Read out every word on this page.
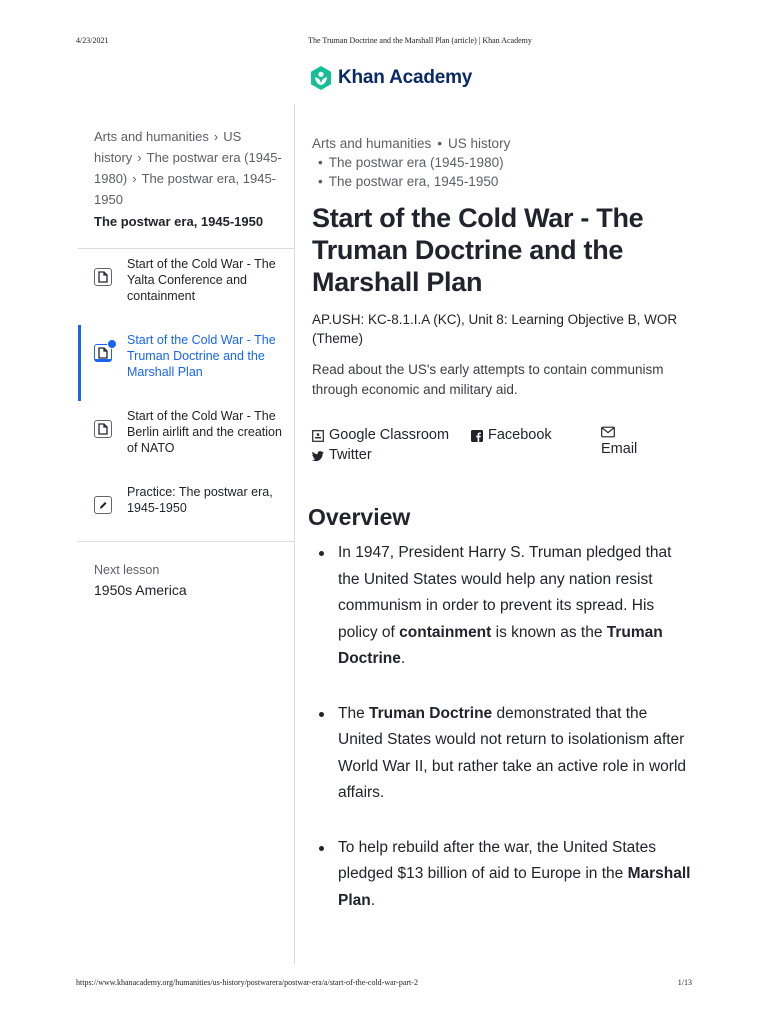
4/23/2021	The Truman Doctrine and the Marshall Plan (article) | Khan Academy
Khan Academy
Arts and humanities › US history › The postwar era (1945-1980) › The postwar era, 1945-1950
The postwar era, 1945-1950
Start of the Cold War - The Yalta Conference and containment
Start of the Cold War - The Truman Doctrine and the Marshall Plan
Start of the Cold War - The Berlin airlift and the creation of NATO
Practice: The postwar era, 1945-1950
Next lesson
1950s America
Arts and humanities • US history
• The postwar era (1945-1980)
• The postwar era, 1945-1950
Start of the Cold War - The Truman Doctrine and the Marshall Plan
AP.USH: KC‑8.1.I.A (KC), Unit 8: Learning Objective B, WOR (Theme)

Read about the US's early attempts to contain communism through economic and military aid.

Google Classroom	Facebook
Twitter	Email
Overview
In 1947, President Harry S. Truman pledged that the United States would help any nation resist communism in order to prevent its spread. His policy of containment is known as the Truman Doctrine.
The Truman Doctrine demonstrated that the United States would not return to isolationism after World War II, but rather take an active role in world affairs.
To help rebuild after the war, the United States pledged $13 billion of aid to Europe in the Marshall Plan.
https://www.khanacademy.org/humanities/us-history/postwarera/postwar-era/a/start-of-the-cold-war-part-2	1/13
